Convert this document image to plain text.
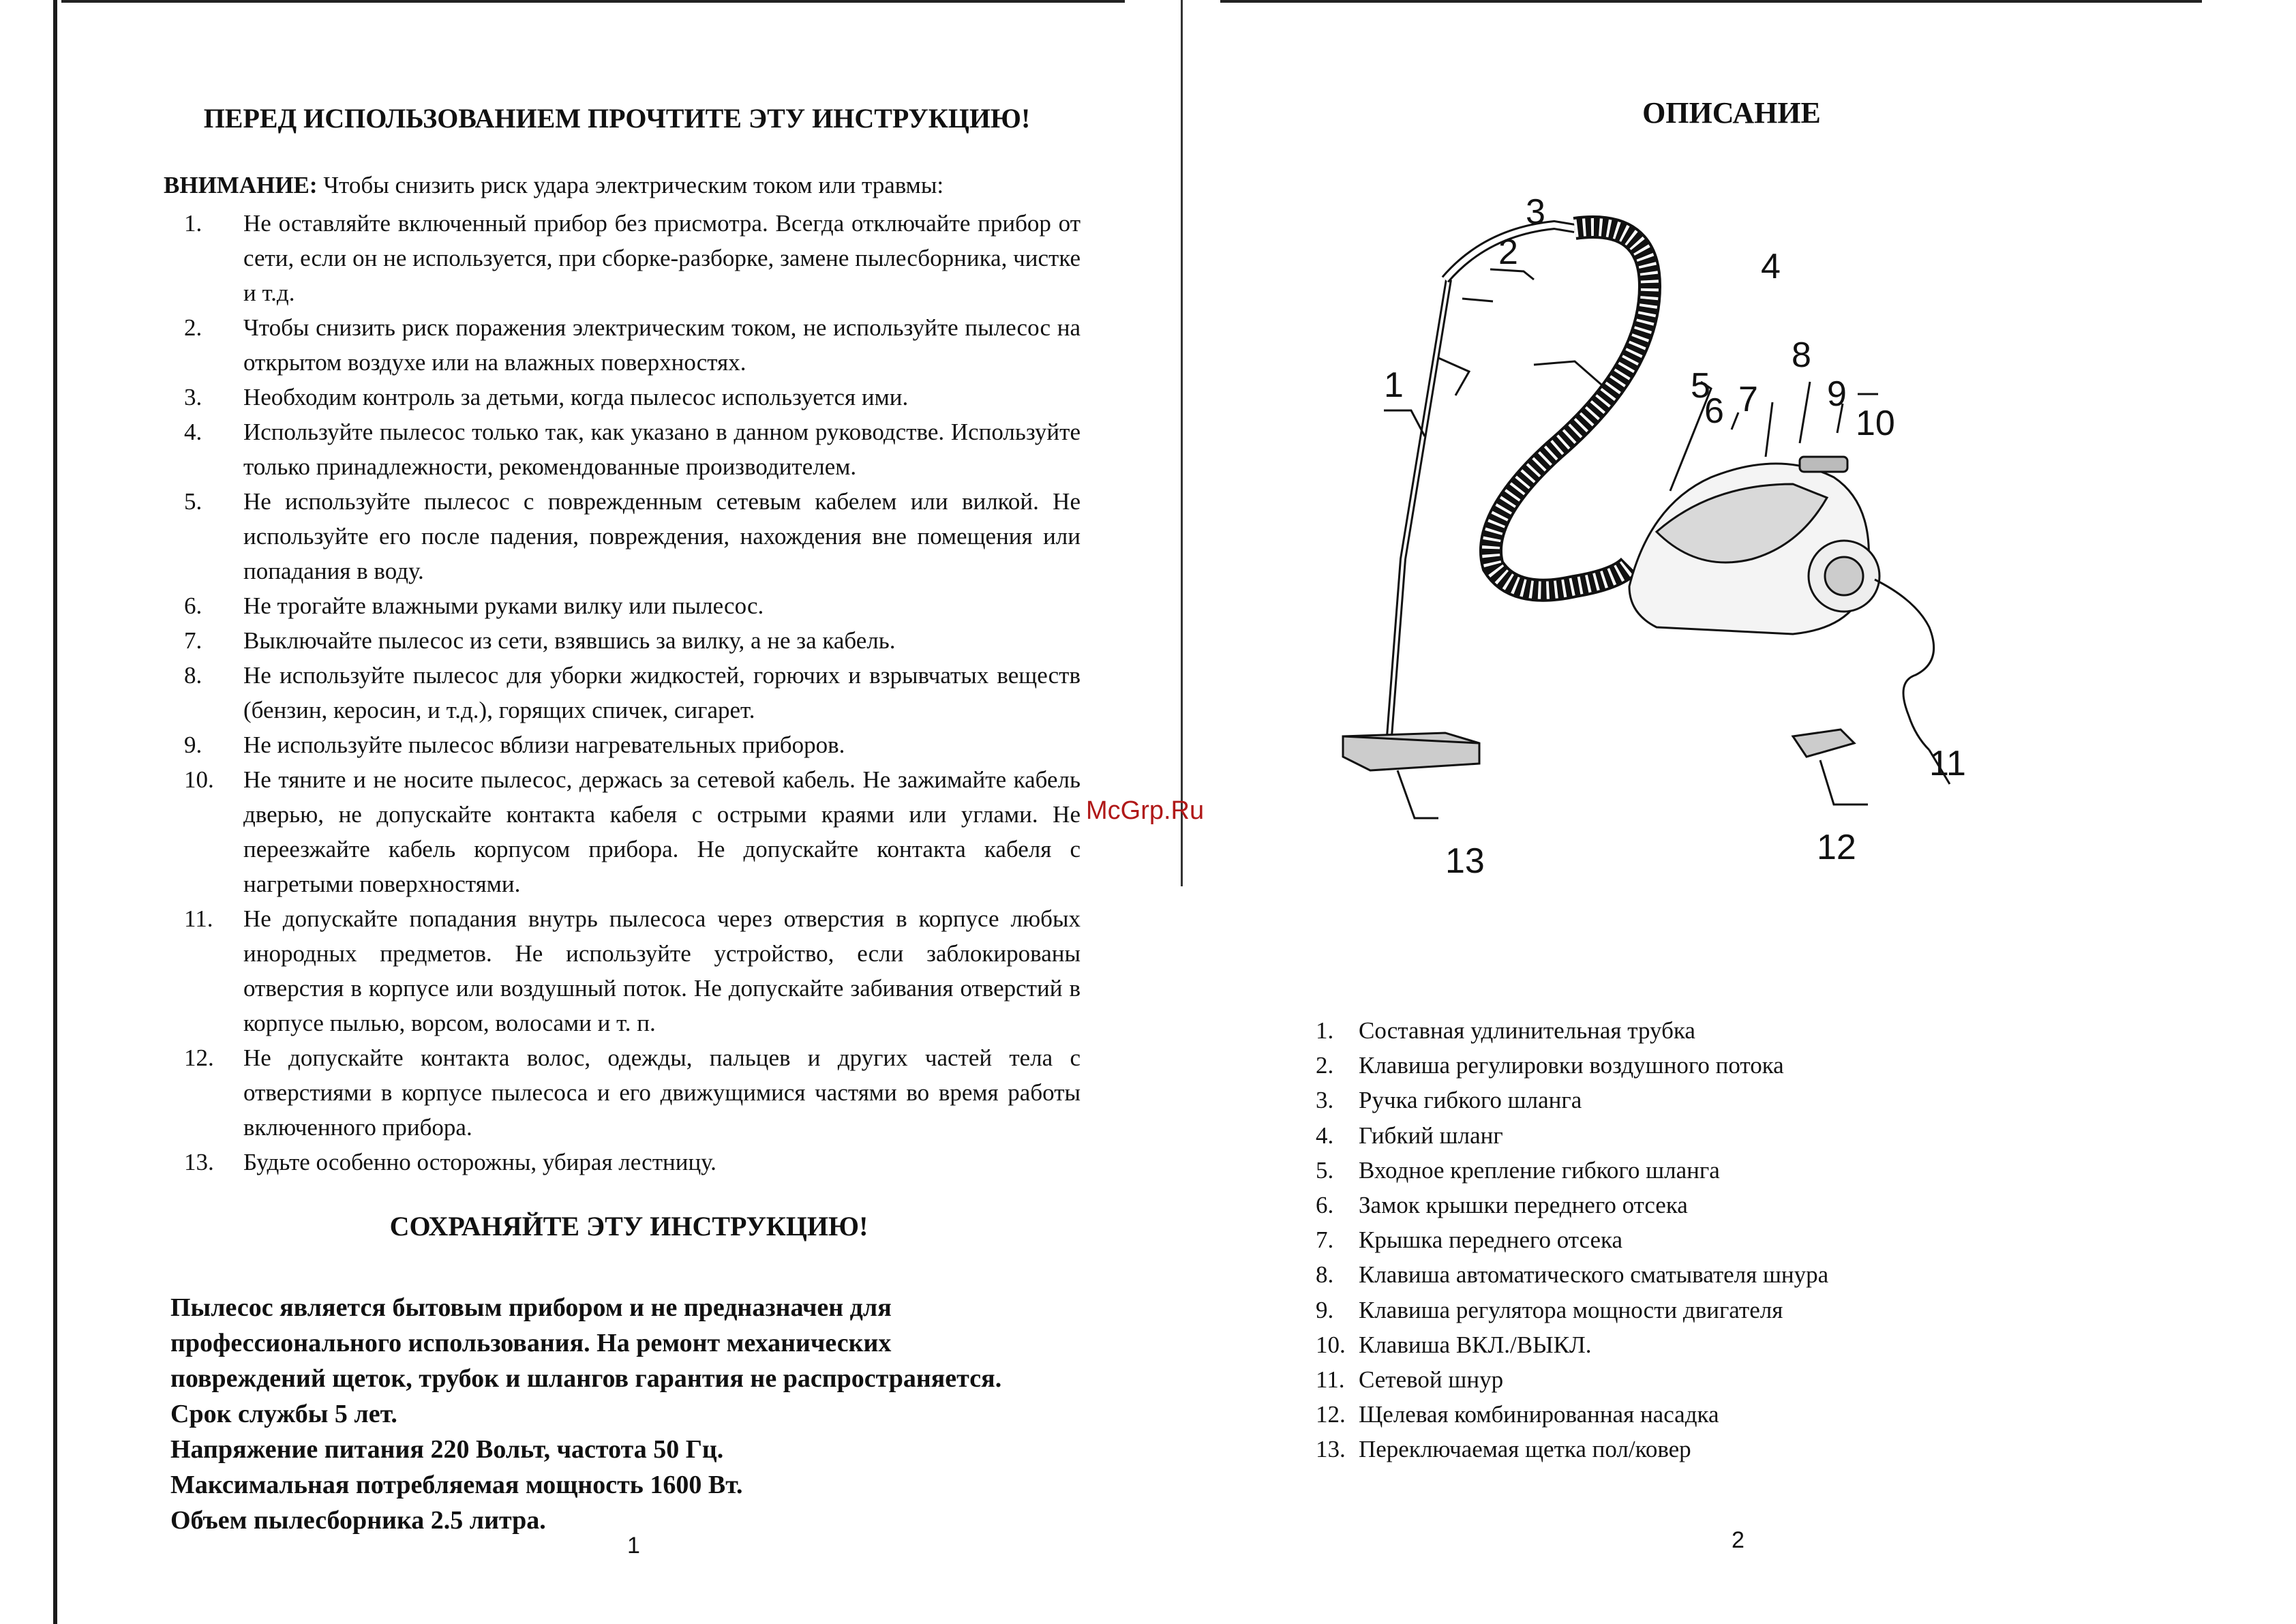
ПЕРЕД ИСПОЛЬЗОВАНИЕМ ПРОЧТИТЕ ЭТУ ИНСТРУКЦИЮ!
ВНИМАНИЕ: Чтобы снизить риск удара электрическим током или травмы:
1.	Не оставляйте включенный прибор без присмотра. Всегда отключайте прибор от сети, если он не используется, при сборке-разборке, замене пылесборника, чистке и т.д.
2.	Чтобы снизить риск поражения электрическим током, не используйте пылесос на открытом воздухе или на влажных поверхностях.
3.	Необходим контроль за детьми, когда пылесос используется ими.
4.	Используйте пылесос только так, как указано в данном руководстве. Используйте только принадлежности, рекомендованные производителем.
5.	Не используйте пылесос с поврежденным сетевым кабелем или вилкой. Не используйте его после падения, повреждения, нахождения вне помещения или попадания в воду.
6.	Не трогайте влажными руками вилку или пылесос.
7.	Выключайте пылесос из сети, взявшись за вилку, а не за кабель.
8.	Не используйте пылесос для уборки жидкостей, горючих и взрывчатых веществ (бензин, керосин, и т.д.), горящих спичек, сигарет.
9.	Не используйте пылесос вблизи нагревательных приборов.
10.	Не тяните и не носите пылесос, держась за сетевой кабель. Не зажимайте кабель дверью, не допускайте контакта кабеля с острыми краями или углами. Не переезжайте кабель корпусом прибора. Не допускайте контакта кабеля с нагретыми поверхностями.
11.	Не допускайте попадания внутрь пылесоса через отверстия в корпусе любых инородных предметов. Не используйте устройство, если заблокированы отверстия в корпусе или воздушный поток. Не допускайте забивания отверстий в корпусе пылью, ворсом, волосами и т. п.
12.	Не допускайте контакта волос, одежды, пальцев и других частей тела с отверстиями в корпусе пылесоса и его движущимися частями во время работы включенного прибора.
13.	Будьте особенно осторожны, убирая лестницу.
СОХРАНЯЙТЕ ЭТУ ИНСТРУКЦИЮ!
Пылесос является бытовым прибором и не предназначен для
профессионального использования. На ремонт механических
повреждений щеток, трубок и шлангов гарантия не распространяется.
Срок службы 5 лет.
Напряжение питания 220 Вольт, частота 50 Гц.
Максимальная потребляемая мощность 1600 Вт.
Объем пылесборника 2.5 литра.
1
McGrp.Ru
ОПИСАНИЕ
1
2
3
4
5
6 7
8
9
10
11
12
13
1. Составная удлинительная трубка
2. Клавиша регулировки воздушного потока
3. Ручка гибкого шланга
4. Гибкий шланг
5. Входное крепление гибкого шланга
6. Замок крышки переднего отсека
7. Крышка переднего отсека
8. Клавиша автоматического сматывателя шнура
9. Клавиша регулятора мощности двигателя
10. Клавиша ВКЛ./ВЫКЛ.
11. Сетевой шнур
12. Щелевая комбинированная насадка
13. Переключаемая щетка пол/ковер
2
